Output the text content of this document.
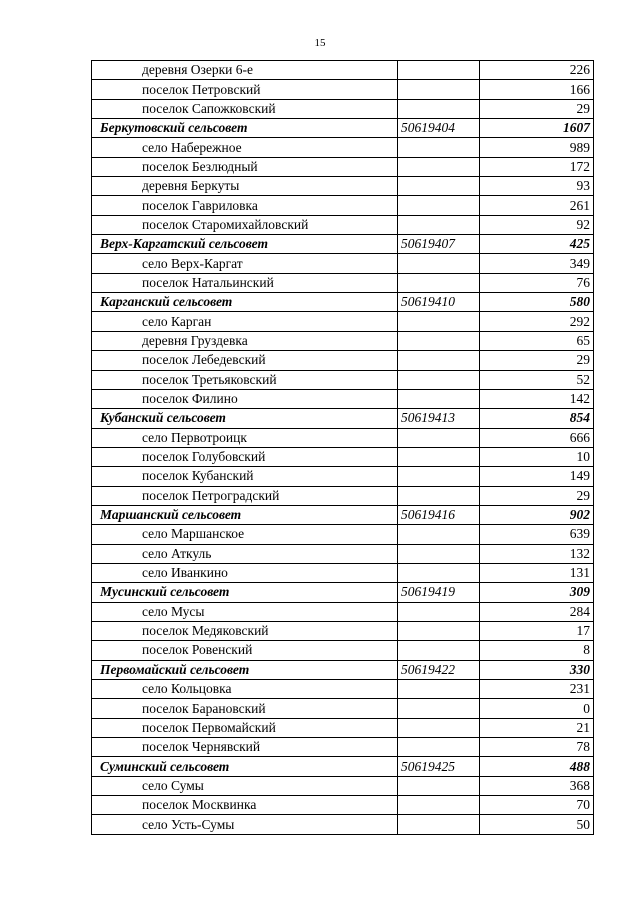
15
деревня Озерки 6-е		226
поселок Петровский		166
поселок Сапожковский		29
Беркутовский сельсовет	50619404	1607
село Набережное		989
поселок Безлюдный		172
деревня Беркуты		93
поселок Гавриловка		261
поселок Старомихайловский		92
Верх-Каргатский сельсовет	50619407	425
село Верх-Каргат		349
поселок Натальинский		76
Карганский сельсовет	50619410	580
село Карган		292
деревня Груздевка		65
поселок Лебедевский		29
поселок Третьяковский		52
поселок Филино		142
Кубанский сельсовет	50619413	854
село Первотроицк		666
поселок Голубовский		10
поселок Кубанский		149
поселок Петроградский		29
Маршанский сельсовет	50619416	902
село Маршанское		639
село Аткуль		132
село Иванкино		131
Мусинский сельсовет	50619419	309
село Мусы		284
поселок Медяковский		17
поселок Ровенский		8
Первомайский сельсовет	50619422	330
село Кольцовка		231
поселок Барановский		0
поселок Первомайский		21
поселок Чернявский		78
Суминский сельсовет	50619425	488
село Сумы		368
поселок Москвинка		70
село Усть-Сумы		50
